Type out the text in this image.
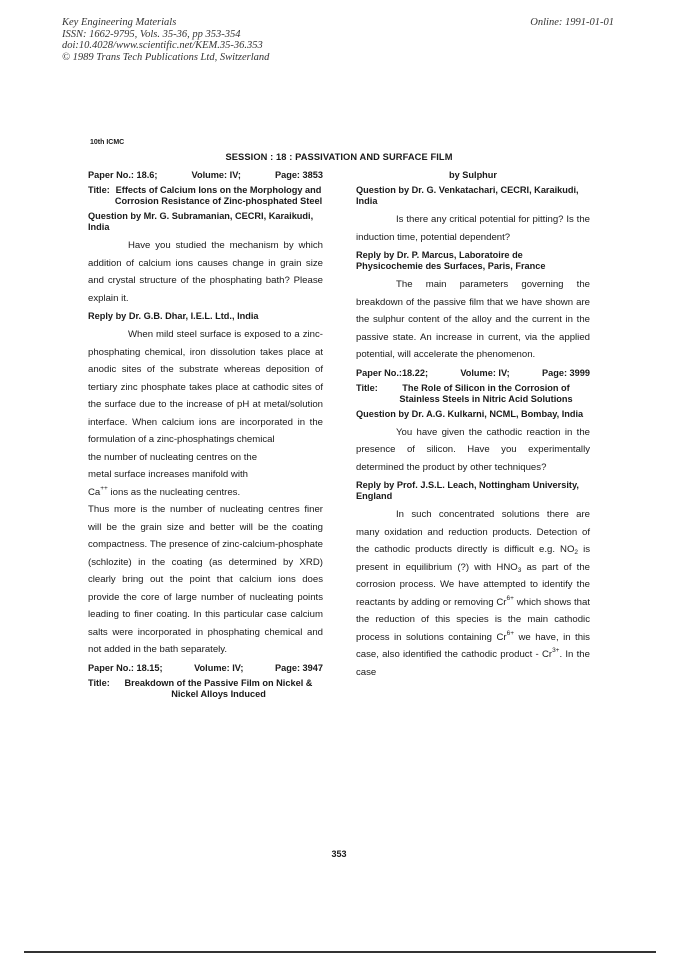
Key Engineering Materials
ISSN: 1662-9795, Vols. 35-36, pp 353-354
doi:10.4028/www.scientific.net/KEM.35-36.353
© 1989 Trans Tech Publications Ltd, Switzerland
Online: 1991-01-01
10th ICMC
SESSION : 18 : PASSIVATION AND SURFACE FILM
Paper No.: 18.6;	Volume: IV;	Page: 3853
Title: Effects of Calcium Ions on the Morphology and Corrosion Resistance of Zinc-phosphated Steel
Question by Mr. G. Subramanian, CECRI, Karaikudi, India

Have you studied the mechanism by which addition of calcium ions causes change in grain size and crystal structure of the phosphating bath? Please explain it.

Reply by Dr. G.B. Dhar, I.E.L. Ltd., India

When mild steel surface is exposed to a zinc-phosphating chemical, iron dissolution takes place at anodic sites of the substrate whereas deposition of tertiary zinc phosphate takes place at cathodic sites of the surface due to the increase of pH at metal/solution interface. When calcium ions are incorporated in the formulation of a zinc-phosphatings chemical

the number of nucleating centres on the
metal surface increases manifold with
Ca++ ions as the nucleating centres.

Thus more is the number of nucleating centres finer will be the grain size and better will be the coating compactness. The presence of zinc-calcium-phosphate (schlozite) in the coating (as determined by XRD) clearly bring out the point that calcium ions does provide the core of large number of nucleating points leading to finer coating. In this particular case calcium salts were incorporated in phosphating chemical and not added in the bath separately.

Paper No.: 18.15;	Volume: IV;	Page: 3947
Title:	Breakdown of the Passive Film on Nickel & Nickel Alloys Induced
by Sulphur
Question by Dr. G. Venkatachari, CECRI, Karaikudi, India

Is there any critical potential for pitting? Is the induction time, potential dependent?

Reply by Dr. P. Marcus, Laboratoire de Physicochemie des Surfaces, Paris, France

The main parameters governing the breakdown of the passive film that we have shown are the sulphur content of the alloy and the current in the passive state. An increase in current, via the applied potential, will accelerate the phenomenon.

Paper No.:18.22;	Volume: IV;	Page: 3999
Title:	The Role of Silicon in the Corrosion of Stainless Steels in Nitric Acid Solutions
Question by Dr. A.G. Kulkarni, NCML, Bombay, India

You have given the cathodic reaction in the presence of silicon. Have you experimentally determined the product by other techniques?

Reply by Prof. J.S.L. Leach, Nottingham University, England

In such concentrated solutions there are many oxidation and reduction products. Detection of the cathodic products directly is difficult e.g. $NO_2$ is present in equilibrium (?) with $HNO_3$ as part of the corrosion process. We have attempted to identify the reactants by adding or removing $Cr^{6+}$ which shows that the reduction of this species is the main cathodic process in solutions containing $Cr^{6+}$ we have, in this case, also identified the cathodic product - $Cr^{3+}$. In the case

353
